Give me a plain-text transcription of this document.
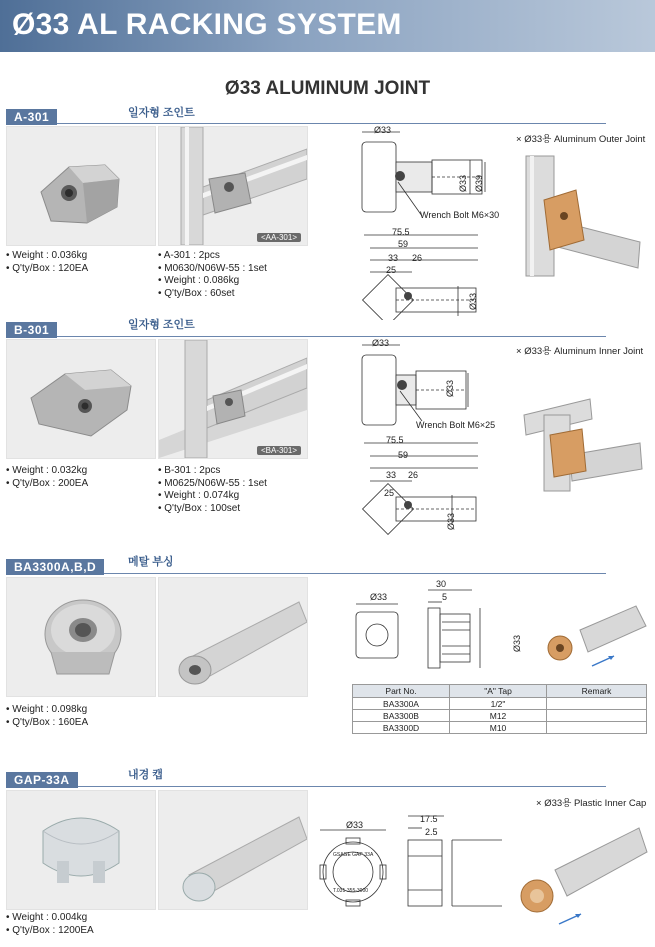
Ø33 AL RACKING SYSTEM
Ø33 ALUMINUM JOINT
A-301	일자형 조인트
<AA-301>
• Weight : 0.036kg
• Q'ty/Box : 120EA
• A-301 : 2pcs
• M0630/N06W-55 : 1set
• Weight : 0.086kg
• Q'ty/Box : 60set
Ø33
Ø33 Ø39
Wrench Bolt M6×30
75.5
59
33 26
25
Ø33
× Ø33용 Aluminum Outer Joint
B-301	일자형 조인트
<BA-301>
• Weight : 0.032kg
• Q'ty/Box : 200EA
• B-301 : 2pcs
• M0625/N06W-55 : 1set
• Weight : 0.074kg
• Q'ty/Box : 100set
Ø33
Ø33
Wrench Bolt M6×25
75.5
59
33 26
25
Ø33
× Ø33용 Aluminum Inner Joint
BA3300A,B,D	메탈 부싱
• Weight : 0.098kg
• Q'ty/Box : 160EA
Ø33
30
5
Ø33
Part No.	"A" Tap	Remark
BA3300A	1/2"	
BA3300B	M12	
BA3300D	M10	
GAP-33A	내경 캡
• Weight : 0.004kg
• Q'ty/Box : 1200EA
Ø33
17.5
2.5
GSAGE GAP-33A
T.031-355-3000
× Ø33용 Plastic Inner Cap
